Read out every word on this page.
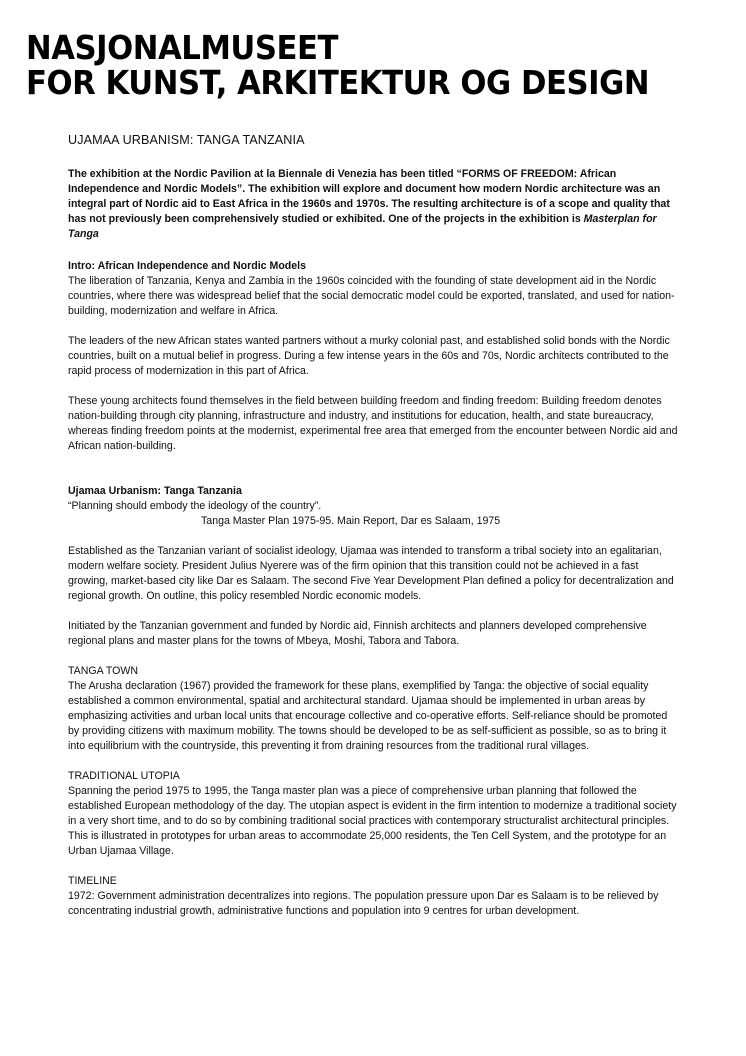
NASJONALMUSEET
FOR KUNST, ARKITEKTUR OG DESIGN
UJAMAA URBANISM: TANGA TANZANIA

The exhibition at the Nordic Pavilion at la Biennale di Venezia has been titled “FORMS OF FREEDOM: African Independence and Nordic Models”. The exhibition will explore and document how modern Nordic architecture was an integral part of Nordic aid to East Africa in the 1960s and 1970s. The resulting architecture is of a scope and quality that has not previously been comprehensively studied or exhibited. One of the projects in the exhibition is Masterplan for Tanga

Intro: African Independence and Nordic Models

The liberation of Tanzania, Kenya and Zambia in the 1960s coincided with the founding of state development aid in the Nordic countries, where there was widespread belief that the social democratic model could be exported, translated, and used for nation-building, modernization and welfare in Africa.

The leaders of the new African states wanted partners without a murky colonial past, and established solid bonds with the Nordic countries, built on a mutual belief in progress. During a few intense years in the 60s and 70s, Nordic architects contributed to the rapid process of modernization in this part of Africa.

These young architects found themselves in the field between building freedom and finding freedom: Building freedom denotes nation-building through city planning, infrastructure and industry, and institutions for education, health, and state bureaucracy, whereas finding freedom points at the modernist, experimental free area that emerged from the encounter between Nordic aid and African nation-building.

Ujamaa Urbanism: Tanga Tanzania
“Planning should embody the ideology of the country”.

Tanga Master Plan 1975-95. Main Report, Dar es Salaam, 1975

Established as the Tanzanian variant of socialist ideology, Ujamaa was intended to transform a tribal society into an egalitarian, modern welfare society. President Julius Nyerere was of the firm opinion that this transition could not be achieved in a fast growing, market-based city like Dar es Salaam. The second Five Year Development Plan defined a policy for decentralization and regional growth. On outline, this policy resembled Nordic economic models.

Initiated by the Tanzanian government and funded by Nordic aid, Finnish architects and planners developed comprehensive regional plans and master plans for the towns of Mbeya, Moshi, Tabora and Tabora.

TANGA TOWN

The Arusha declaration (1967) provided the framework for these plans, exemplified by Tanga: the objective of social equality established a common environmental, spatial and architectural standard. Ujamaa should be implemented in urban areas by emphasizing activities and urban local units that encourage collective and co-operative efforts. Self-reliance should be promoted by providing citizens with maximum mobility. The towns should be developed to be as self-sufficient as possible, so as to bring it into equilibrium with the countryside, this preventing it from draining resources from the traditional rural villages.

TRADITIONAL UTOPIA

Spanning the period 1975 to 1995, the Tanga master plan was a piece of comprehensive urban planning that followed the established European methodology of the day. The utopian aspect is evident in the firm intention to modernize a traditional society in a very short time, and to do so by combining traditional social practices with contemporary structuralist architectural principles. This is illustrated in prototypes for urban areas to accommodate 25,000 residents, the Ten Cell System, and the prototype for an Urban Ujamaa Village.

TIMELINE

1972: Government administration decentralizes into regions. The population pressure upon Dar es Salaam is to be relieved by concentrating industrial growth, administrative functions and population into 9 centres for urban development.
